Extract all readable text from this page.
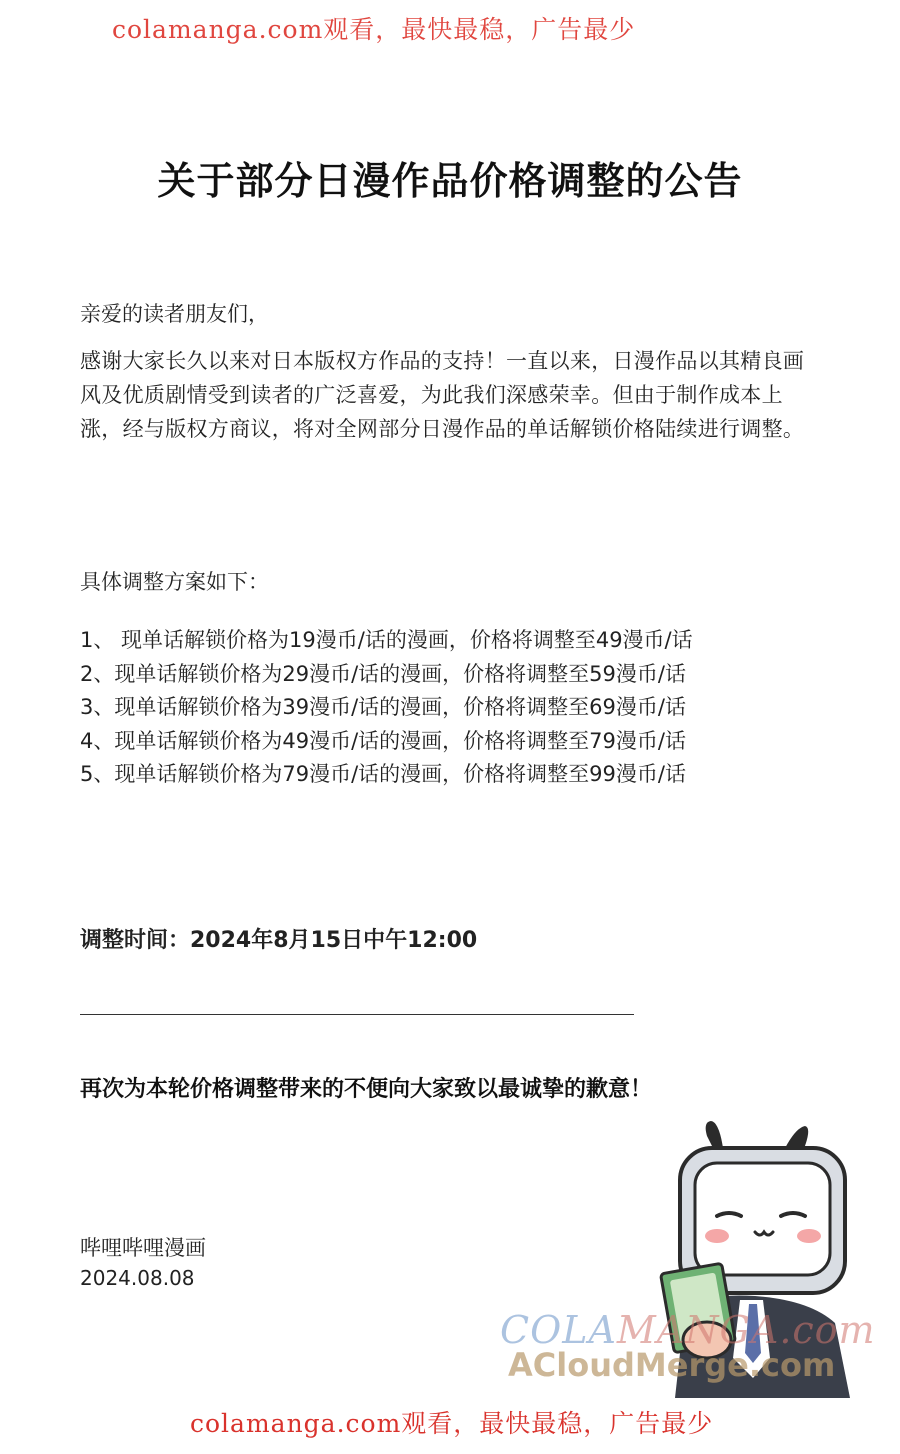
colamanga.com观看，最快最稳，广告最少
关于部分日漫作品价格调整的公告
亲爱的读者朋友们，

感谢大家长久以来对日本版权方作品的支持！一直以来，日漫作品以其精良画风及优质剧情受到读者的广泛喜爱，为此我们深感荣幸。但由于制作成本上涨，经与版权方商议，将对全网部分日漫作品的单话解锁价格陆续进行调整。

具体调整方案如下：
1、 现单话解锁价格为19漫币/话的漫画，价格将调整至49漫币/话
2、现单话解锁价格为29漫币/话的漫画，价格将调整至59漫币/话
3、现单话解锁价格为39漫币/话的漫画，价格将调整至69漫币/话
4、现单话解锁价格为49漫币/话的漫画，价格将调整至79漫币/话
5、现单话解锁价格为79漫币/话的漫画，价格将调整至99漫币/话
调整时间：2024年8月15日中午12:00
再次为本轮价格调整带来的不便向大家致以最诚挚的歉意！
哔哩哔哩漫画
2024.08.08
COLAMANGA.com
ACloudMerge.com
colamanga.com观看，最快最稳，广告最少
